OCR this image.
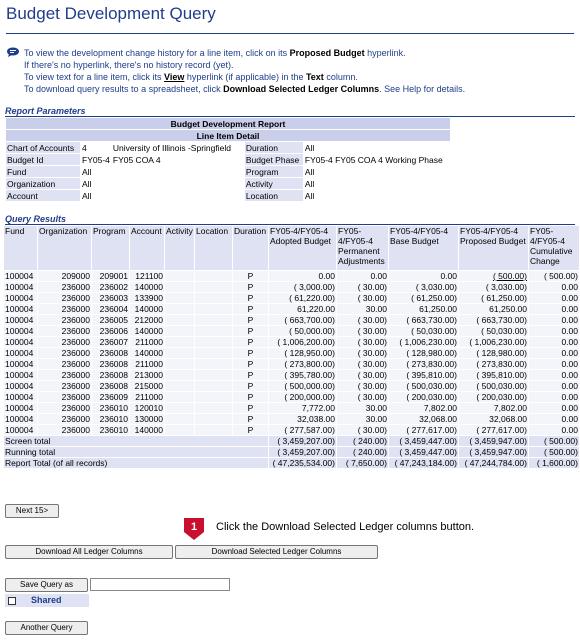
Budget Development Query
To view the development change history for a line item, click on its Proposed Budget hyperlink.
If there's no hyperlink, there's no history record (yet).
To view text for a line item, click its View hyperlink (if applicable) in the Text column.
To download query results to a spreadsheet, click Download Selected Ledger Columns. See Help for details.
Report Parameters
Budget Development Report				
Line Item Detail				
Chart of Accounts	4	University of Illinois -Springfield	Duration	All
Budget Id	FY05-4	FY05 COA 4	Budget Phase	FY05-4 FY05 COA 4 Working Phase
Fund	All		Program	All
Organization	All		Activity	All
Account	All		Location	All
Query Results
Fund	Organization	Program	Account	Activity	Location	Duration	FY05-4/FY05-4 Adopted Budget	FY05-4/FY05-4 Permanent Adjustments	FY05-4/FY05-4 Base Budget	FY05-4/FY05-4 Proposed Budget	FY05-4/FY05-4 Cumulative Change
100004	209000	209001	121100			P	0.00	0.00	0.00	( 500.00)	( 500.00)
100004	236000	236002	140000			P	( 3,000.00)	( 30.00)	( 3,030.00)	( 3,030.00)	0.00
100004	236000	236003	133900			P	( 61,220.00)	( 30.00)	( 61,250.00)	( 61,250.00)	0.00
100004	236000	236004	140000			P	61,220.00	30.00	61,250.00	61,250.00	0.00
100004	236000	236005	212000			P	( 663,700.00)	( 30.00)	( 663,730.00)	( 663,730.00)	0.00
100004	236000	236006	140000			P	( 50,000.00)	( 30.00)	( 50,030.00)	( 50,030.00)	0.00
100004	236000	236007	211000			P	( 1,006,200.00)	( 30.00)	( 1,006,230.00)	( 1,006,230.00)	0.00
100004	236000	236008	140000			P	( 128,950.00)	( 30.00)	( 128,980.00)	( 128,980.00)	0.00
100004	236000	236008	211000			P	( 273,800.00)	( 30.00)	( 273,830.00)	( 273,830.00)	0.00
100004	236000	236008	213000			P	( 395,780.00)	( 30.00)	( 395,810.00)	( 395,810.00)	0.00
100004	236000	236008	215000			P	( 500,000.00)	( 30.00)	( 500,030.00)	( 500,030.00)	0.00
100004	236000	236009	211000			P	( 200,000.00)	( 30.00)	( 200,030.00)	( 200,030.00)	0.00
100004	236000	236010	120010			P	7,772.00	30.00	7,802.00	7,802.00	0.00
100004	236000	236010	130000			P	32,038.00	30.00	32,068.00	32,068.00	0.00
100004	236000	236010	140000			P	( 277,587.00)	( 30.00)	( 277,617.00)	( 277,617.00)	0.00
Screen total							( 3,459,207.00)	( 240.00)	( 3,459,447.00)	( 3,459,947.00)	( 500.00)
Running total							( 3,459,207.00)	( 240.00)	( 3,459,447.00)	( 3,459,947.00)	( 500.00)
Report Total (of all records)							( 47,235,534.00)	( 7,650.00)	( 47,243,184.00)	( 47,244,784.00)	( 1,600.00)
Next 15>
1 Click the Download Selected Ledger columns button.
Download All Ledger Columns	Download Selected Ledger Columns
Save Query as
Shared
Another Query
